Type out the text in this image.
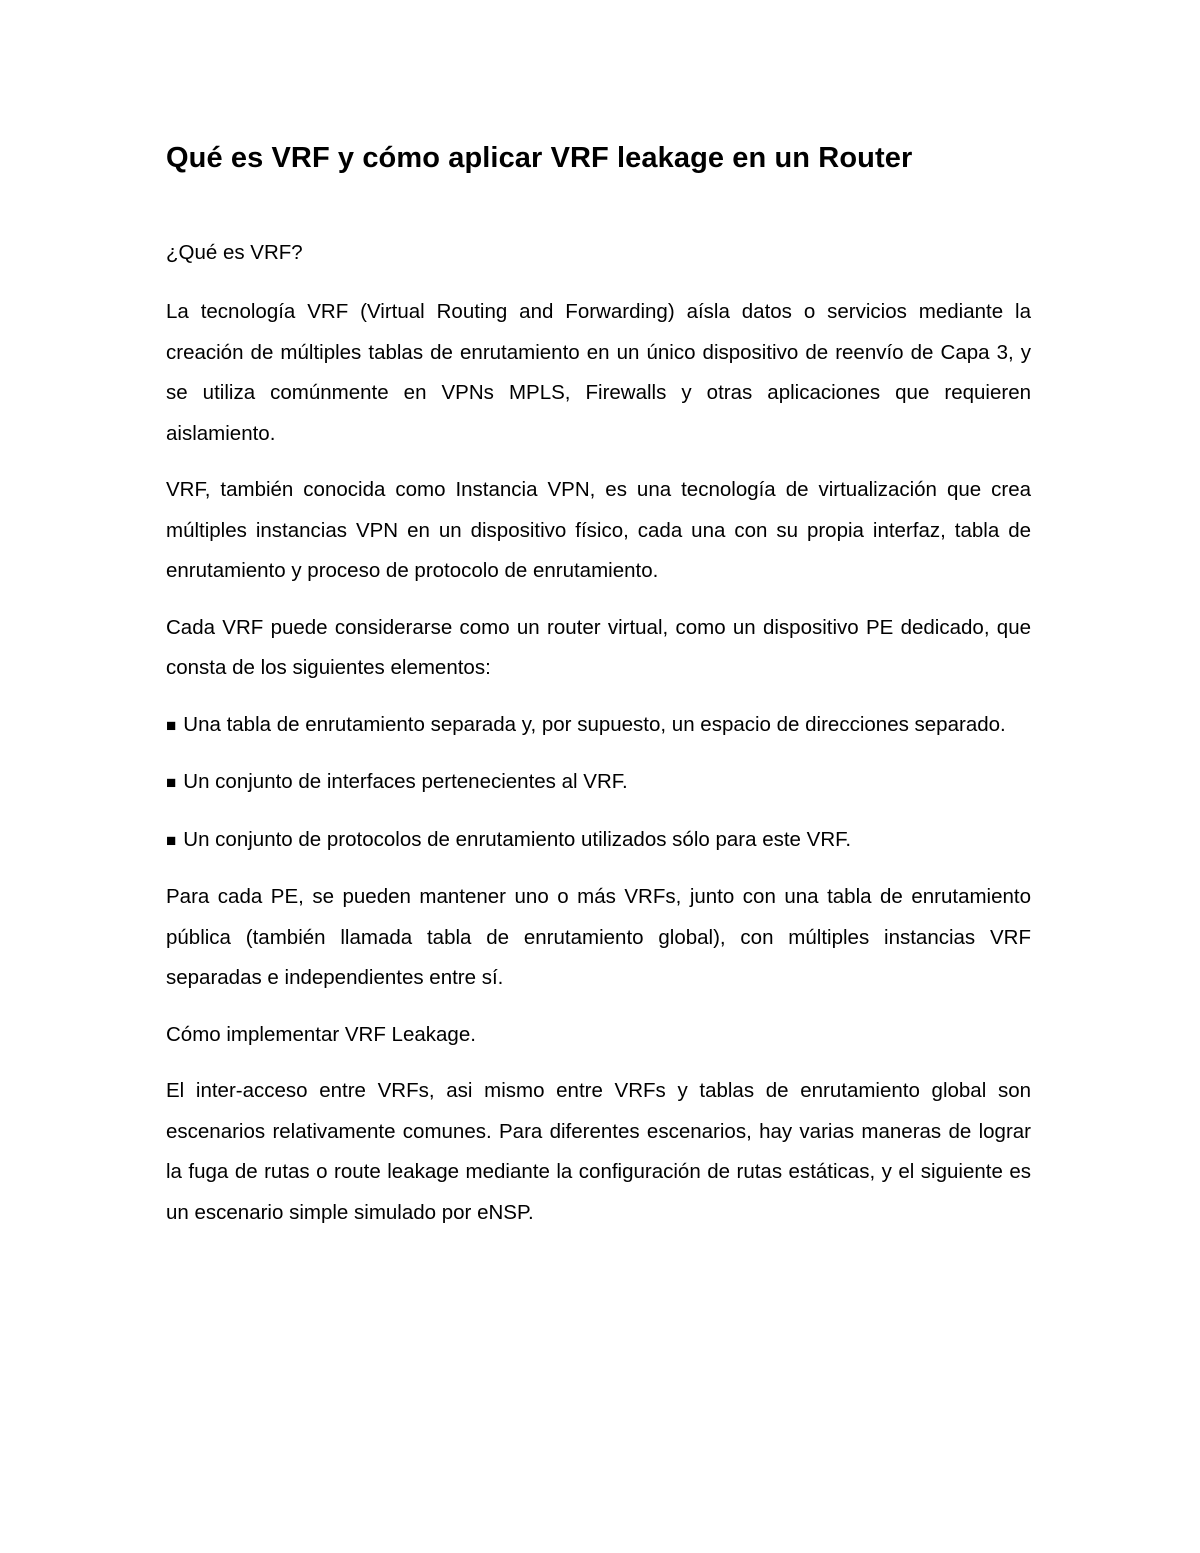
Qué es VRF y cómo aplicar VRF leakage en un Router

¿Qué es VRF?

La tecnología VRF (Virtual Routing and Forwarding) aísla datos o servicios mediante la creación de múltiples tablas de enrutamiento en un único dispositivo de reenvío de Capa 3, y se utiliza comúnmente en VPNs MPLS, Firewalls y otras aplicaciones que requieren aislamiento.

VRF, también conocida como Instancia VPN, es una tecnología de virtualización que crea múltiples instancias VPN en un dispositivo físico, cada una con su propia interfaz, tabla de enrutamiento y proceso de protocolo de enrutamiento.

Cada VRF puede considerarse como un router virtual, como un dispositivo PE dedicado, que consta de los siguientes elementos:

■ Una tabla de enrutamiento separada y, por supuesto, un espacio de direcciones separado.

■ Un conjunto de interfaces pertenecientes al VRF.

■ Un conjunto de protocolos de enrutamiento utilizados sólo para este VRF.

Para cada PE, se pueden mantener uno o más VRFs, junto con una tabla de enrutamiento pública (también llamada tabla de enrutamiento global), con múltiples instancias VRF separadas e independientes entre sí.

Cómo implementar VRF Leakage.

El inter-acceso entre VRFs, asi mismo entre VRFs y tablas de enrutamiento global son escenarios relativamente comunes. Para diferentes escenarios, hay varias maneras de lograr la fuga de rutas o route leakage mediante la configuración de rutas estáticas, y el siguiente es un escenario simple simulado por eNSP.
